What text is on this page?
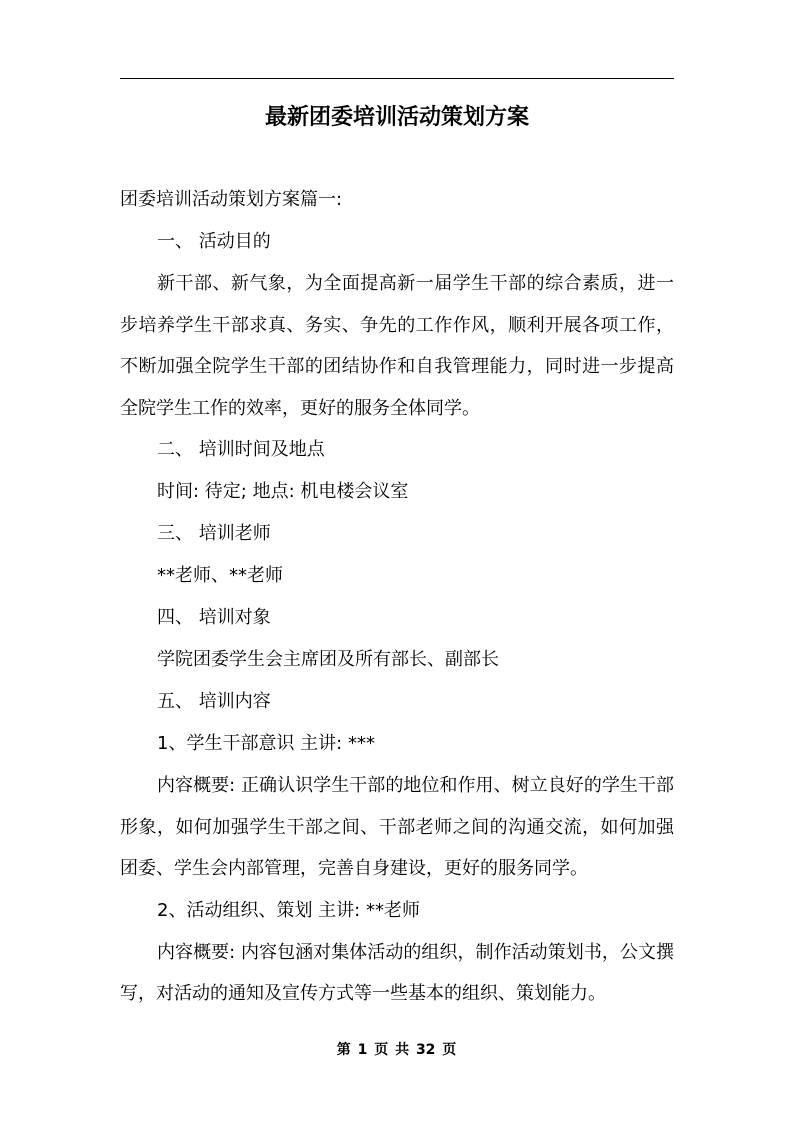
最新团委培训活动策划方案
团委培训活动策划方案篇一:
一、 活动目的
新干部、新气象，为全面提高新一届学生干部的综合素质，进一步培养学生干部求真、务实、争先的工作作风，顺利开展各项工作，不断加强全院学生干部的团结协作和自我管理能力，同时进一步提高全院学生工作的效率，更好的服务全体同学。
二、 培训时间及地点
时间: 待定; 地点: 机电楼会议室
三、 培训老师
**老师、**老师
四、 培训对象
学院团委学生会主席团及所有部长、副部长
五、 培训内容
1、学生干部意识 主讲: ***
内容概要: 正确认识学生干部的地位和作用、树立良好的学生干部形象，如何加强学生干部之间、干部老师之间的沟通交流，如何加强团委、学生会内部管理，完善自身建设，更好的服务同学。
2、活动组织、策划 主讲: **老师
内容概要: 内容包涵对集体活动的组织，制作活动策划书，公文撰写，对活动的通知及宣传方式等一些基本的组织、策划能力。
第 1 页 共 32 页
